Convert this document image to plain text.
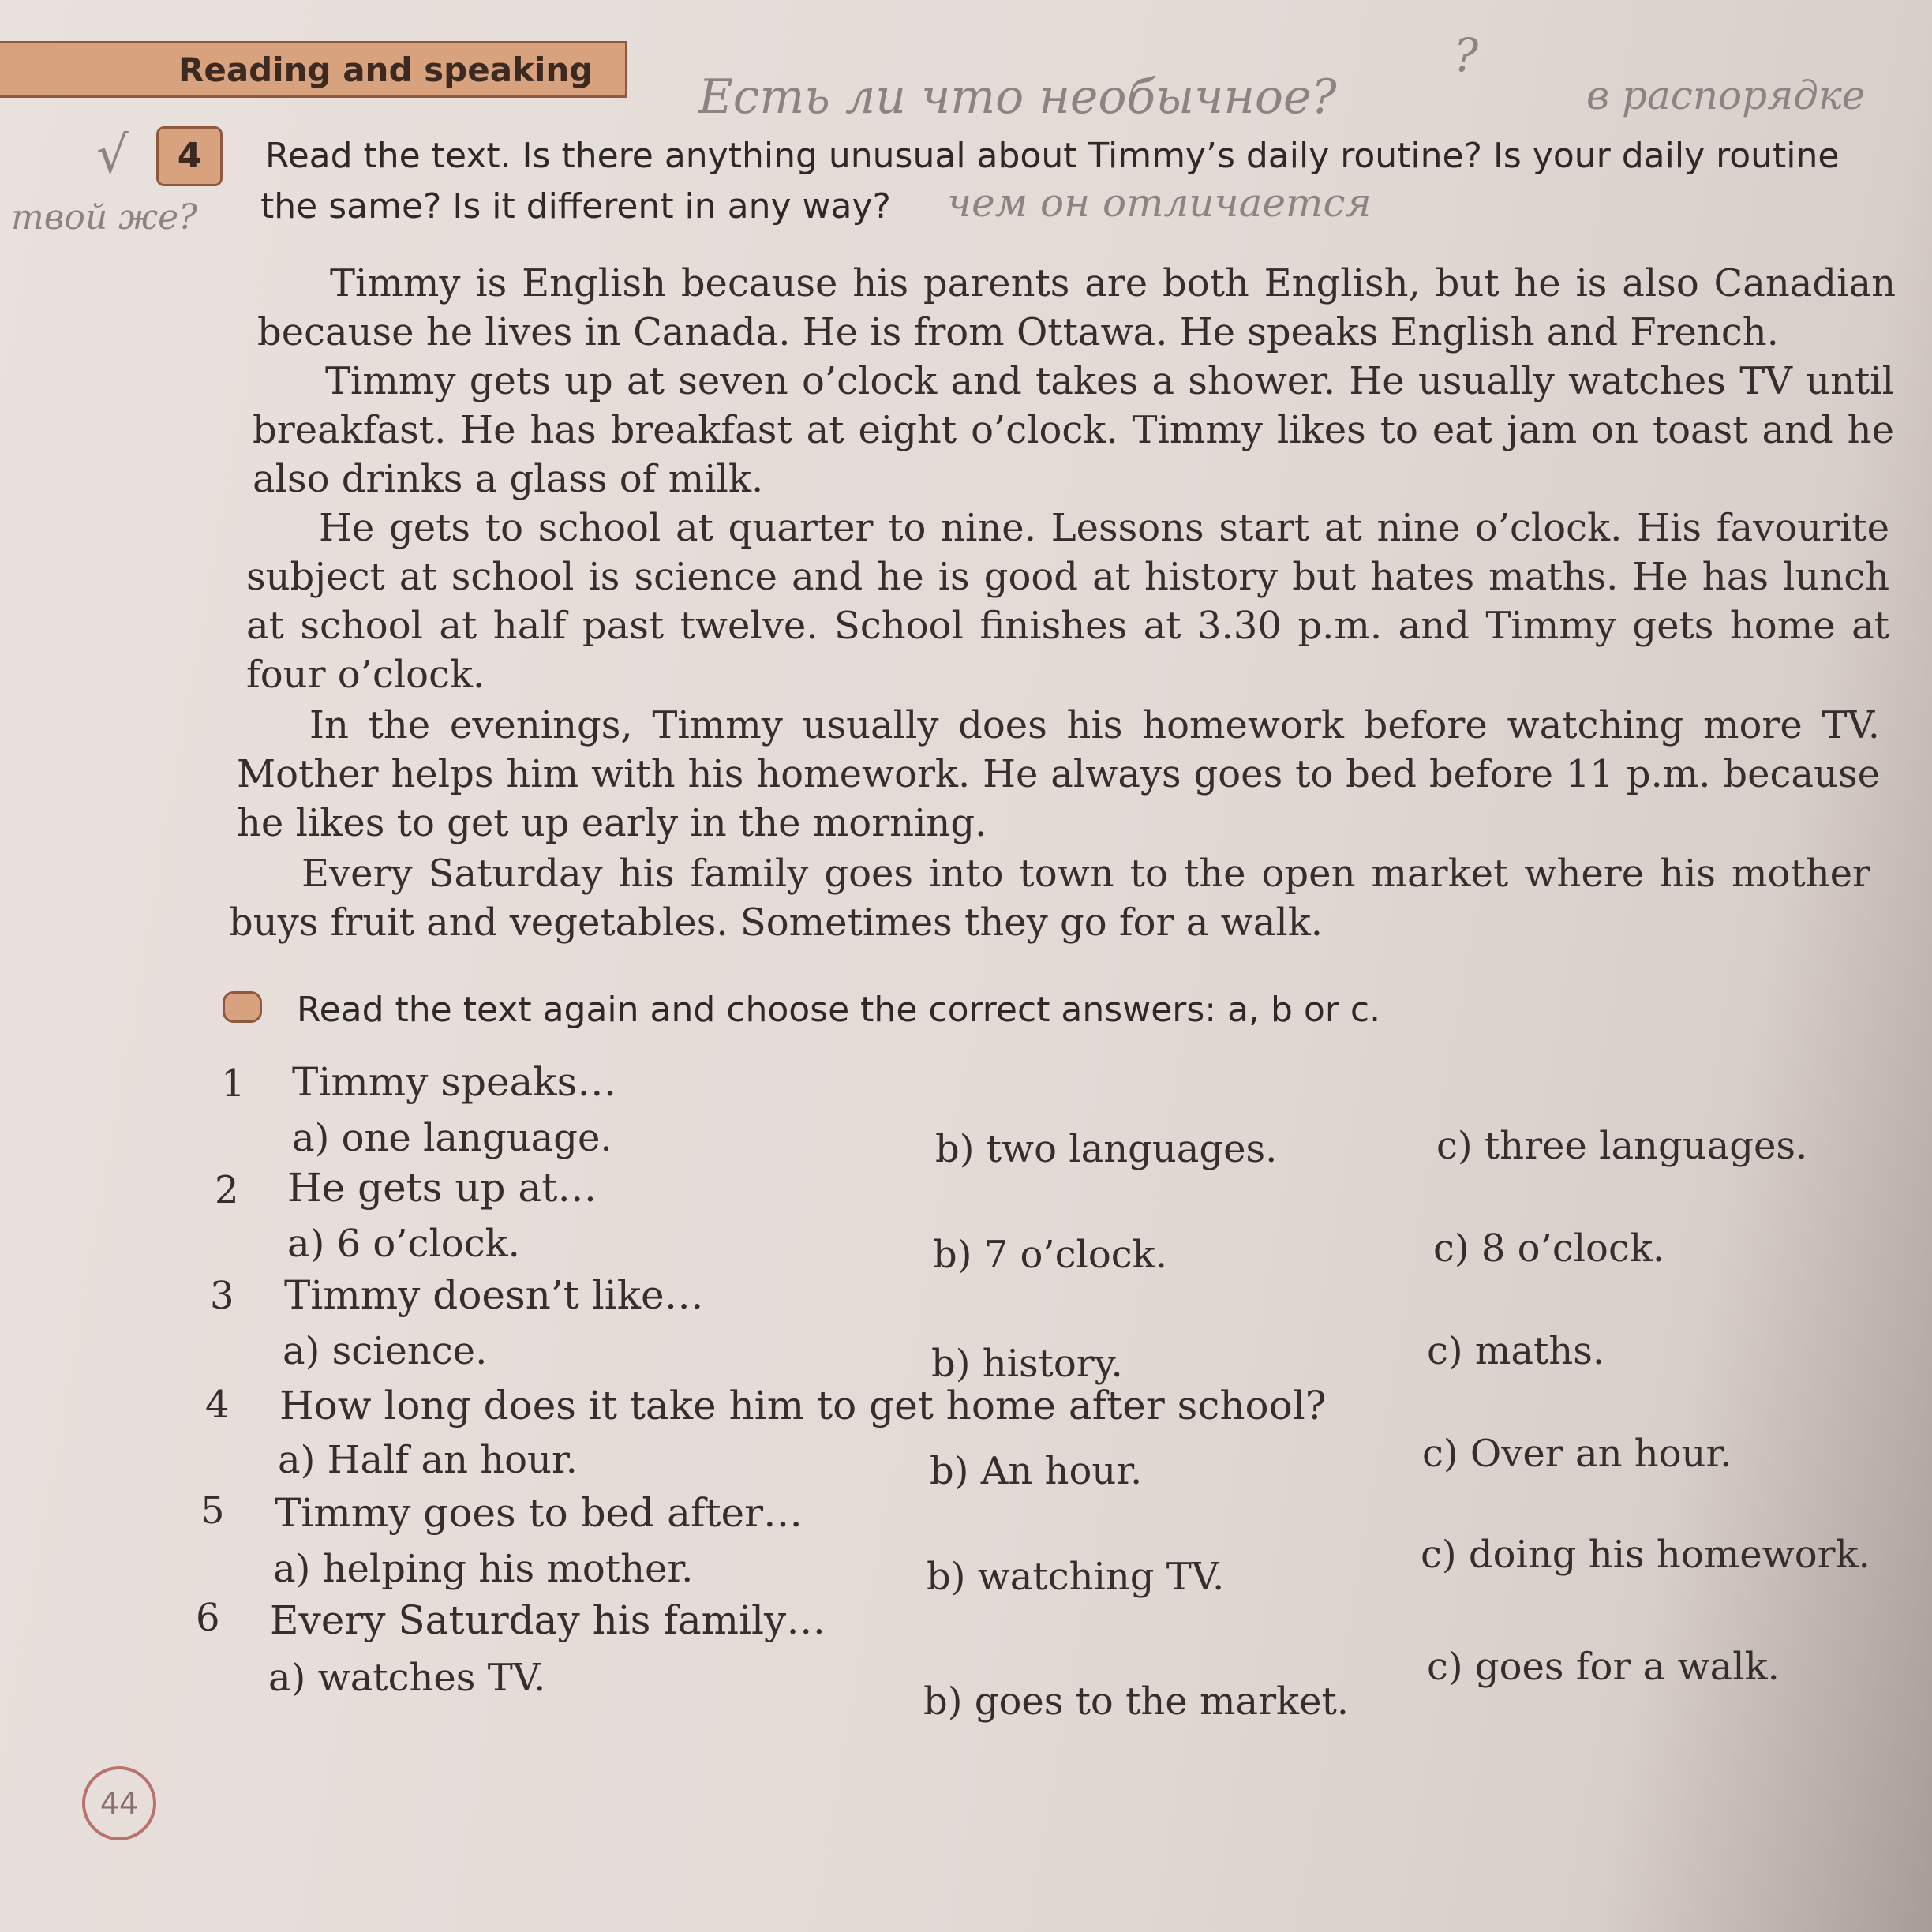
Reading and speaking	?
Есть ли что необычное?	в распорядке
√	4	Read the text. Is there anything unusual about Timmy’s daily routine? Is your daily routine
твой же? the same? Is it different in any way? чем он отличается
Timmy is English because his parents are both English, but he is also Canadian because he lives in Canada. He is from Ottawa. He speaks English and French.
Timmy gets up at seven o’clock and takes a shower. He usually watches TV until breakfast. He has breakfast at eight o’clock. Timmy likes to eat jam on toast and he also drinks a glass of milk.
He gets to school at quarter to nine. Lessons start at nine o’clock. His favourite subject at school is science and he is good at history but hates maths. He has lunch at school at half past twelve. School finishes at 3.30 p.m. and Timmy gets home at four o’clock.
In the evenings, Timmy usually does his homework before watching more TV. Mother helps him with his homework. He always goes to bed before 11 p.m. because he likes to get up early in the morning.
Every Saturday his family goes into town to the open market where his mother buys fruit and vegetables. Sometimes they go for a walk.
Read the text again and choose the correct answers: a, b or c.
1 Timmy speaks…
a) one language.	b) two languages.	c) three languages.
2 He gets up at…
a) 6 o’clock.	b) 7 o’clock.	c) 8 o’clock.
3 Timmy doesn’t like…
a) science.	b) history.	c) maths.
4 How long does it take him to get home after school?
a) Half an hour.	b) An hour.	c) Over an hour.
5 Timmy goes to bed after…
a) helping his mother.	b) watching TV.	c) doing his homework.
6 Every Saturday his family…
a) watches TV.
b) goes to the market.
c) goes for a walk.
44
